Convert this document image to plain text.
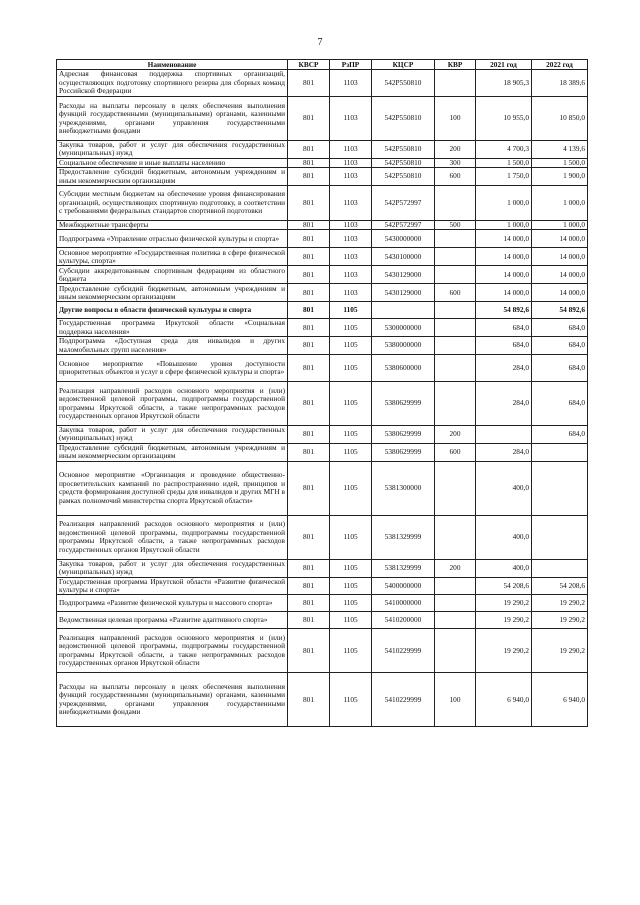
7
Наименование	КВСР	РзПР	КЦСР	КВР	2021 год	2022 год
Адресная финансовая поддержка спортивных организаций, осуществляющих подготовку спортивного резерва для сборных команд Российской Федерации	801	1103	542P550810		18 905,3	18 389,6
Расходы на выплаты персоналу в целях обеспечения выполнения функций государственными (муниципальными) органами, казенными учреждениями, органами управления государственными внебюджетными фондами	801	1103	542P550810	100	10 955,0	10 850,0
Закупка товаров, работ и услуг для обеспечения государственных (муниципальных) нужд	801	1103	542P550810	200	4 700,3	4 139,6
Социальное обеспечение и иные выплаты населению	801	1103	542P550810	300	1 500,0	1 500,0
Предоставление субсидий бюджетным, автономным учреждениям и иным некоммерческим организациям	801	1103	542P550810	600	1 750,0	1 900,0
Субсидии местным бюджетам на обеспечение уровня финансирования организаций, осуществляющих спортивную подготовку, в соответствии с требованиями федеральных стандартов спортивной подготовки	801	1103	542P572997		1 000,0	1 000,0
Межбюджетные трансферты	801	1103	542P572997	500	1 000,0	1 000,0
Подпрограмма «Управление отраслью физической культуры и спорта»	801	1103	5430000000		14 000,0	14 000,0
Основное мероприятие «Государственная политика в сфере физической культуры, спорта»	801	1103	5430100000		14 000,0	14 000,0
Субсидии аккредитованным спортивным федерациям из областного бюджета	801	1103	5430129000		14 000,0	14 000,0
Предоставление субсидий бюджетным, автономным учреждениям и иным некоммерческим организациям	801	1103	5430129000	600	14 000,0	14 000,0
Другие вопросы в области физической культуры и спорта	801	1105			54 892,6	54 892,6
Государственная программа Иркутской области «Социальная поддержка населения»	801	1105	5300000000		684,0	684,0
Подпрограмма «Доступная среда для инвалидов и других маломобильных групп населения»	801	1105	5380000000		684,0	684,0
Основное мероприятие «Повышение уровня доступности приоритетных объектов и услуг в сфере физической культуры и спорта»	801	1105	5380600000		284,0	684,0
Реализация направлений расходов основного мероприятия и (или) ведомственной целевой программы, подпрограммы государственной программы Иркутской области, а также непрограммных расходов государственных органов Иркутской области	801	1105	5380629999		284,0	684,0
Закупка товаров, работ и услуг для обеспечения государственных (муниципальных) нужд	801	1105	5380629999	200		684,0
Предоставление субсидий бюджетным, автономным учреждениям и иным некоммерческим организациям	801	1105	5380629999	600	284,0	
Основное мероприятие «Организация и проведение общественно-просветительских кампаний по распространению идей, принципов и средств формирования доступной среды для инвалидов и других МГН в рамках полномочий министерства спорта Иркутской области»	801	1105	5381300000		400,0	
Реализация направлений расходов основного мероприятия и (или) ведомственной целевой программы, подпрограммы государственной программы Иркутской области, а также непрограммных расходов государственных органов Иркутской области	801	1105	5381329999		400,0	
Закупка товаров, работ и услуг для обеспечения государственных (муниципальных) нужд	801	1105	5381329999	200	400,0	
Государственная программа Иркутской области «Развитие физической культуры и спорта»	801	1105	5400000000		54 208,6	54 208,6
Подпрограмма «Развитие физической культуры и массового спорта»	801	1105	5410000000		19 290,2	19 290,2
Ведомственная целевая программа «Развитие адаптивного спорта»	801	1105	5410200000		19 290,2	19 290,2
Реализация направлений расходов основного мероприятия и (или) ведомственной целевой программы, подпрограммы государственной программы Иркутской области, а также непрограммных расходов государственных органов Иркутской области	801	1105	5410229999		19 290,2	19 290,2
Расходы на выплаты персоналу в целях обеспечения выполнения функций государственными (муниципальными) органами, казенными учреждениями, органами управления государственными внебюджетными фондами	801	1105	5410229999	100	6 940,0	6 940,0
